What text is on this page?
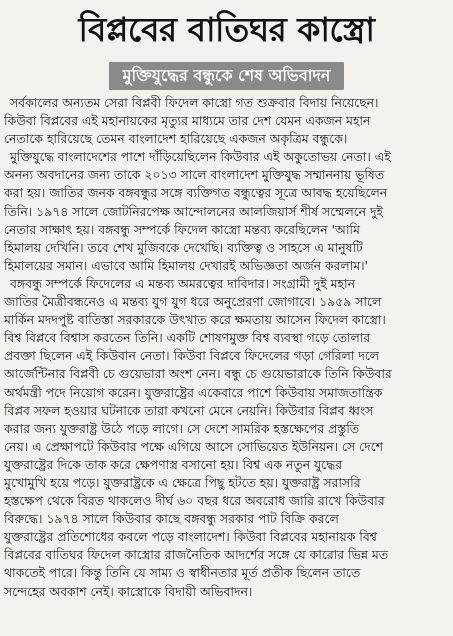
বিপ্লবের বাতিঘর কাস্ত্রো
মুক্তিযুদ্ধের বন্ধুকে শেষ অভিবাদন
সর্বকালের অন্যতম সেরা বিপ্লবী ফিদেল কাস্ত্রো গত শুক্রবার বিদায় নিয়েছেন।
কিউবা বিপ্লবের এই মহানায়কের মৃত্যুর মাধ্যমে তার দেশ যেমন একজন মহান
নেতাকে হারিয়েছে তেমন বাংলাদেশ হারিয়েছে একজন অকৃত্রিম বন্ধুকে।
মুক্তিযুদ্ধে বাংলাদেশের পাশে দাঁড়িয়েছিলেন কিউবার এই অকুতোভয় নেতা। এই
অনন্য অবদানের জন্য তাকে ২০১৩ সালে বাংলাদেশ মুক্তিযুদ্ধ সম্মাননায় ভূষিত
করা হয়। জাতির জনক বঙ্গবন্ধুর সঙ্গে ব্যক্তিগত বন্ধুত্বের সূত্রে আবদ্ধ হয়েছিলেন
তিনি। ১৯৭৪ সালে জোটনিরপেক্ষ আন্দোলনের আলজিয়ার্স শীর্ষ সম্মেলনে দুই
নেতার সাক্ষাৎ হয়। বঙ্গবন্ধু সম্পর্কে ফিদেল কাস্ত্রো মন্তব্য করেছিলেন 'আমি
হিমালয় দেখিনি। তবে শেখ মুজিবকে দেখেছি। ব্যক্তিত্ব ও সাহসে এ মানুষটি
হিমালয়ের সমান। এভাবে আমি হিমালয় দেখারই অভিজ্ঞতা অর্জন করলাম।'
বঙ্গবন্ধু সম্পর্কে ফিদেলের এ মন্তব্য অমরত্বের দাবিদার। সংগ্রামী দুই মহান
জাতির মৈত্রীবন্ধনেও এ মন্তব্য যুগ যুগ ধরে অনুপ্রেরণা জোগাবে। ১৯৫৯ সালে
মার্কিন মদদপুষ্ট বাতিস্তা সরকারকে উৎখাত করে ক্ষমতায় আসেন ফিদেল কাস্ত্রো।
বিশ্ব বিপ্লবে বিশ্বাস করতেন তিনি। একটি শোষণমুক্ত বিশ্ব ব্যবস্থা গড়ে তোলার
প্রবক্তা ছিলেন এই কিউবান নেতা। কিউবা বিপ্লবে ফিদেলের গড়া গেরিলা দলে
আর্জেন্টিনার বিপ্লবী চে গুয়েভারা অংশ নেন। বন্ধু চে গুয়েভারাকে তিনি কিউবার
অর্থমন্ত্রী পদে নিয়োগ করেন। যুক্তরাষ্ট্রের একেবারে পাশে কিউবায় সমাজতান্ত্রিক
বিপ্লব সফল হওয়ার ঘটনাকে তারা কখনো মেনে নেয়নি। কিউবার বিপ্লব ধ্বংস
করার জন্য যুক্তরাষ্ট্র উঠে পড়ে লাগে। সে দেশে সামরিক হস্তক্ষেপের প্রস্তুতি
নেয়। এ প্রেক্ষাপটে কিউবার পক্ষে এগিয়ে আসে সোভিয়েত ইউনিয়ন। সে দেশে
যুক্তরাষ্ট্রের দিকে তাক করে ক্ষেপণাস্ত্র বসানো হয়। বিশ্ব এক নতুন যুদ্ধের
মুখোমুখি হয়ে পড়ে। যুক্তরাষ্ট্রকে এ ক্ষেত্রে পিছু হটতে হয়। যুক্তরাষ্ট্র সরাসরি
হস্তক্ষেপ থেকে বিরত থাকলেও দীর্ঘ ৬০ বছর ধরে অবরোধ জারি রাখে কিউবার
বিরুদ্ধে। ১৯৭৪ সালে কিউবার কাছে বঙ্গবন্ধু সরকার পাট বিক্রি করলে
যুক্তরাষ্ট্রের প্রতিশোধের কবলে পড়ে বাংলাদেশ। কিউবা বিপ্লবের মহানায়ক বিশ্ব
বিপ্লবের বাতিঘর ফিদেল কাস্ত্রোর রাজনৈতিক আদর্শের সঙ্গে যে কারোর ভিন্ন মত
থাকতেই পারে। কিন্তু তিনি যে সাম্য ও স্বাধীনতার মূর্ত প্রতীক ছিলেন তাতে
সন্দেহের অবকাশ নেই। কাস্ত্রোকে বিদায়ী অভিবাদন।
